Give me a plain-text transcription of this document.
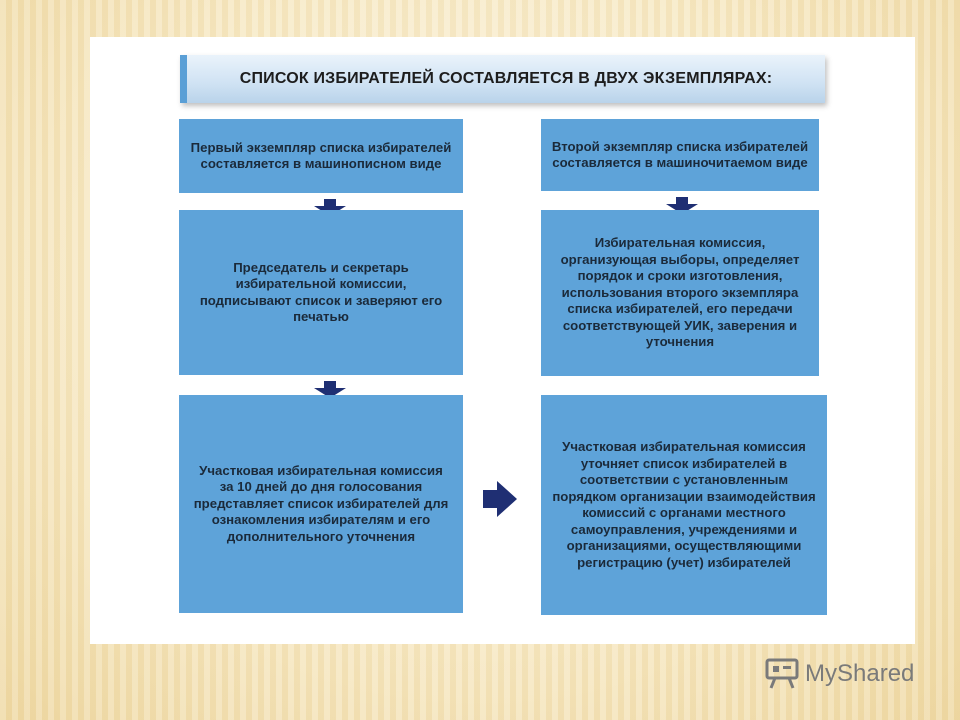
СПИСОК ИЗБИРАТЕЛЕЙ СОСТАВЛЯЕТСЯ В ДВУХ ЭКЗЕМПЛЯРАХ:
Первый экземпляр списка избирателей составляется в машинописном виде
Председатель и секретарь избирательной комиссии, подписывают список и заверяют его печатью
Участковая избирательная комиссия за 10 дней до дня голосования представляет список избирателей для ознакомления избирателям и его дополнительного уточнения
Второй экземпляр списка избирателей составляется в машиночитаемом виде
Избирательная комиссия, организующая выборы, определяет порядок и сроки изготовления, использования второго экземпляра списка избирателей, его передачи соответствующей УИК, заверения и уточнения
Участковая избирательная комиссия уточняет список избирателей в соответствии с установленным порядком организации взаимодействия комиссий с органами местного самоуправления, учреждениями и организациями, осуществляющими регистрацию (учет) избирателей
MyShared
